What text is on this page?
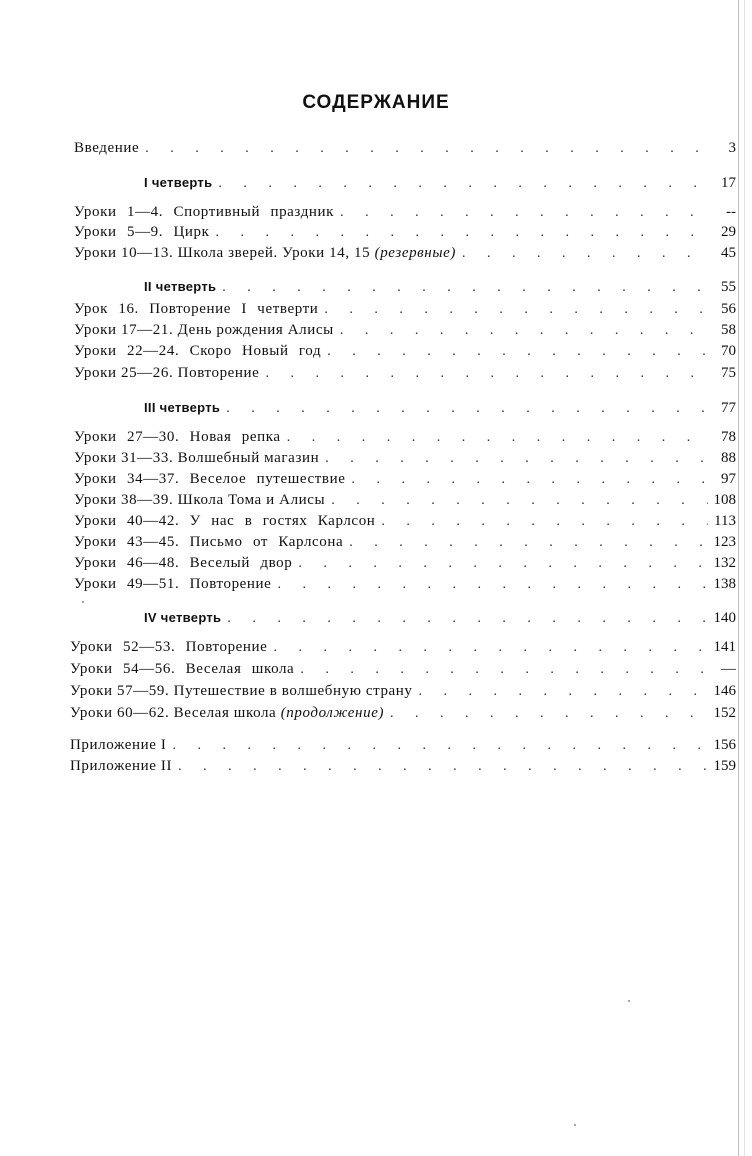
СОДЕРЖАНИЕ
Введение . . .	3
I четверть . . .	17
Уроки 1—4. Спортивный праздник . . .	--
Уроки 5—9. Цирк . . .	29
Уроки 10—13. Школа зверей. Уроки 14, 15 (резервные) . . .	45
II четверть . . .	55
Урок 16. Повторение I четверти . . .	56
Уроки 17—21. День рождения Алисы . . .	58
Уроки 22—24. Скоро Новый год . . .	70
Уроки 25—26. Повторение . . .	75
III четверть . . .	77
Уроки 27—30. Новая репка . . .	78
Уроки 31—33. Волшебный магазин . . .	88
Уроки 34—37. Веселое путешествие . . .	97
Уроки 38—39. Школа Тома и Алисы . . .	108
Уроки 40—42. У нас в гостях Карлсон . . .	113
Уроки 43—45. Письмо от Карлсона . . .	123
Уроки 46—48. Веселый двор . . .	132
Уроки 49—51. Повторение . . .	138
IV четверть . . .	140
Уроки 52—53. Повторение . . .	141
Уроки 54—56. Веселая школа . . .	—
Уроки 57—59. Путешествие в волшебную страну . . .	146
Уроки 60—62. Веселая школа (продолжение) . . .	152
Приложение I . . .	156
Приложение II . . .	159
